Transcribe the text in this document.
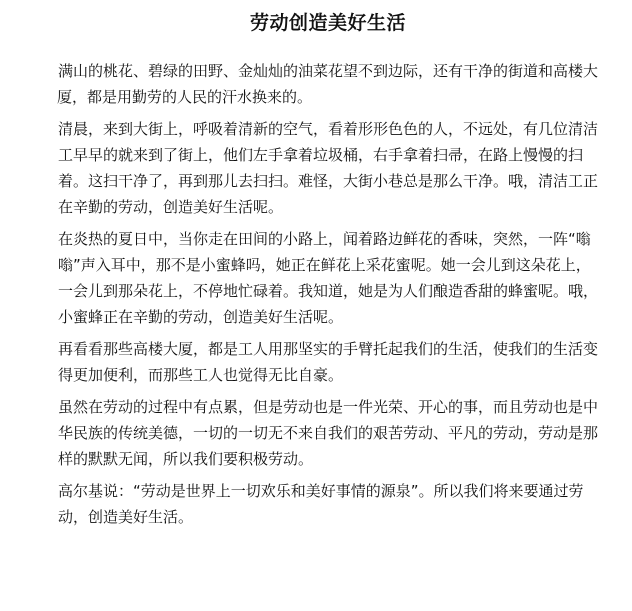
劳动创造美好生活

满山的桃花、碧绿的田野、金灿灿的油菜花望不到边际，还有干净的街道和高楼大厦，都是用勤劳的人民的汗水换来的。

清晨，来到大街上，呼吸着清新的空气，看着形形色色的人，不远处，有几位清洁工早早的就来到了街上，他们左手拿着垃圾桶，右手拿着扫帚，在路上慢慢的扫着。这扫干净了，再到那儿去扫扫。难怪，大街小巷总是那么干净。哦，清洁工正在辛勤的劳动，创造美好生活呢。

在炎热的夏日中，当你走在田间的小路上，闻着路边鲜花的香味，突然，一阵“嗡嗡”声入耳中，那不是小蜜蜂吗，她正在鲜花上采花蜜呢。她一会儿到这朵花上，一会儿到那朵花上，不停地忙碌着。我知道，她是为人们酿造香甜的蜂蜜呢。哦，小蜜蜂正在辛勤的劳动，创造美好生活呢。

再看看那些高楼大厦，都是工人用那坚实的手臂托起我们的生活，使我们的生活变得更加便利，而那些工人也觉得无比自豪。

虽然在劳动的过程中有点累，但是劳动也是一件光荣、开心的事，而且劳动也是中华民族的传统美德，一切的一切无不来自我们的艰苦劳动、平凡的劳动，劳动是那样的默默无闻，所以我们要积极劳动。

高尔基说：“劳动是世界上一切欢乐和美好事情的源泉”。所以我们将来要通过劳动，创造美好生活。
